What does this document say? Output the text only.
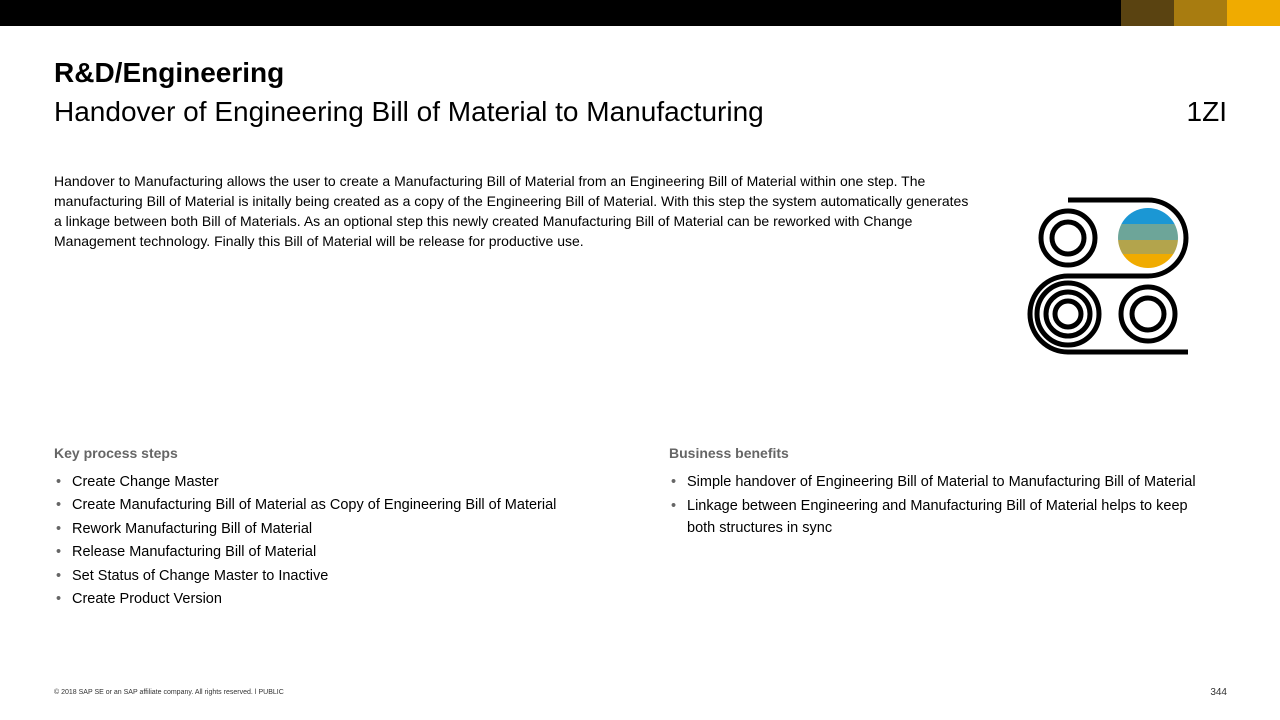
R&D/Engineering
Handover of Engineering Bill of Material to Manufacturing	1ZI

Handover to Manufacturing allows the user to create a Manufacturing Bill of Material from an Engineering Bill of Material within one step. The manufacturing Bill of Material is initally being created as a copy of the Engineering Bill of Material. With this step the system automatically generates a linkage between both Bill of Materials. As an optional step this newly created Manufacturing Bill of Material can be reworked with Change Management technology. Finally this Bill of Material will be release for productive use.

Key process steps
• Create Change Master
• Create Manufacturing Bill of Material as Copy of Engineering Bill of Material
• Rework Manufacturing Bill of Material
• Release Manufacturing Bill of Material
• Set Status of Change Master to Inactive
• Create Product Version
Business benefits
• Simple handover of Engineering Bill of Material to Manufacturing Bill of Material
• Linkage between Engineering and Manufacturing Bill of Material helps to keep both structures in sync
© 2018 SAP SE or an SAP affiliate company. All rights reserved. ǀ PUBLIC	344
